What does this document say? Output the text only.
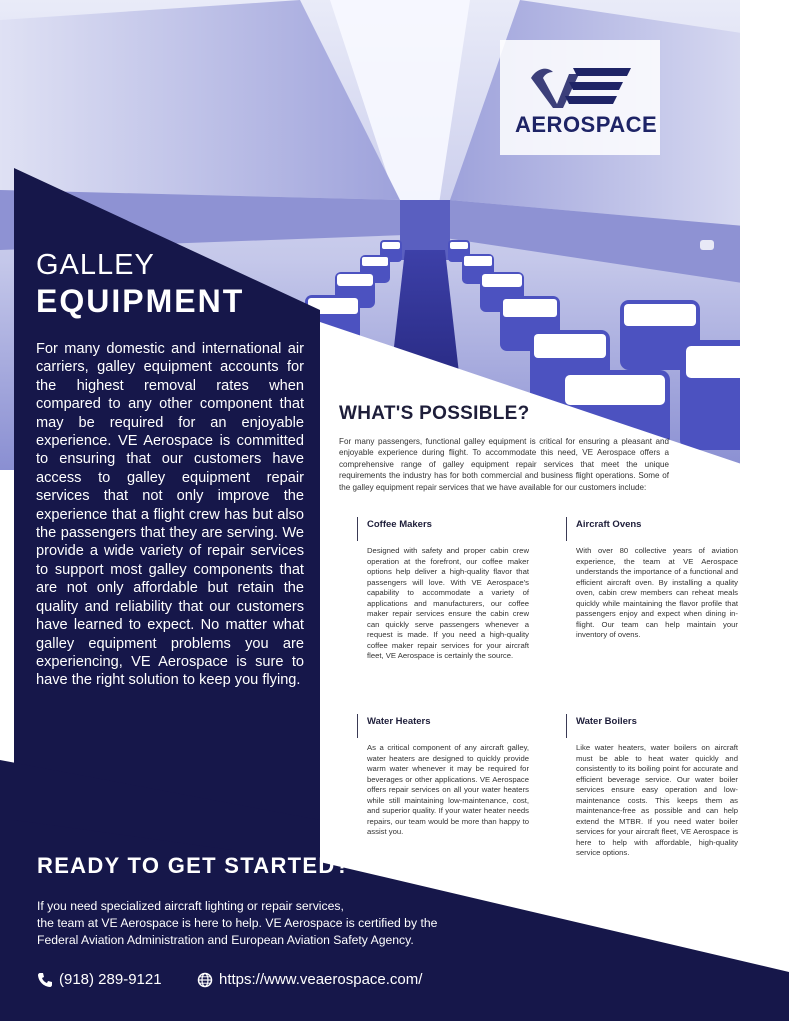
AEROSPACE
GALLEY
EQUIPMENT
For many domestic and international air carriers, galley equipment accounts for the highest removal rates when compared to any other component that may be required for an enjoyable experience. VE Aerospace is committed to ensuring that our customers have access to galley equipment repair services that not only improve the experience that a flight crew has but also the passengers that they are serving. We provide a wide variety of repair services to support most galley components that are not only affordable but retain the quality and reliability that our customers have learned to expect. No matter what galley equipment problems you are experiencing, VE Aerospace is sure to have the right solution to keep you flying.
WHAT'S POSSIBLE?
For many passengers, functional galley equipment is critical for ensuring a pleasant and enjoyable experience during flight. To accommodate this need, VE Aerospace offers a comprehensive range of galley equipment repair services that meet the unique requirements the industry has for both commercial and business flight operations. Some of the galley equipment repair services that we have available for our customers include:
Coffee Makers
Designed with safety and proper cabin crew operation at the forefront, our coffee maker options help deliver a high-quality flavor that passengers will love. With VE Aerospace's capability to accommodate a variety of applications and manufacturers, our coffee maker repair services ensure the cabin crew can quickly serve passengers whenever a request is made. If you need a high-quality coffee maker repair services for your aircraft fleet, VE Aerospace is certainly the source.
Aircraft Ovens
With over 80 collective years of aviation experience, the team at VE Aerospace understands the importance of a functional and efficient aircraft oven. By installing a quality oven, cabin crew members can reheat meals quickly while maintaining the flavor profile that passengers enjoy and expect when dining in-flight. Our team can help maintain your inventory of ovens.
Water Heaters
As a critical component of any aircraft galley, water heaters are designed to quickly provide warm water whenever it may be required for beverages or other applications. VE Aerospace offers repair services on all your water heaters while still maintaining low-maintenance, cost, and superior quality. If your water heater needs repairs, our team would be more than happy to assist you.
Water Boilers
Like water heaters, water boilers on aircraft must be able to heat water quickly and consistently to its boiling point for accurate and efficient beverage service. Our water boiler services ensure easy operation and low-maintenance costs. This keeps them as maintenance-free as possible and can help extend the MTBR. If you need water boiler services for your aircraft fleet, VE Aerospace is here to help with affordable, high-quality service options.
READY TO GET STARTED?
If you need specialized aircraft lighting or repair services,
the team at VE Aerospace is here to help. VE Aerospace is certified by the
Federal Aviation Administration and European Aviation Safety Agency.
(918) 289-9121	https://www.veaerospace.com/
